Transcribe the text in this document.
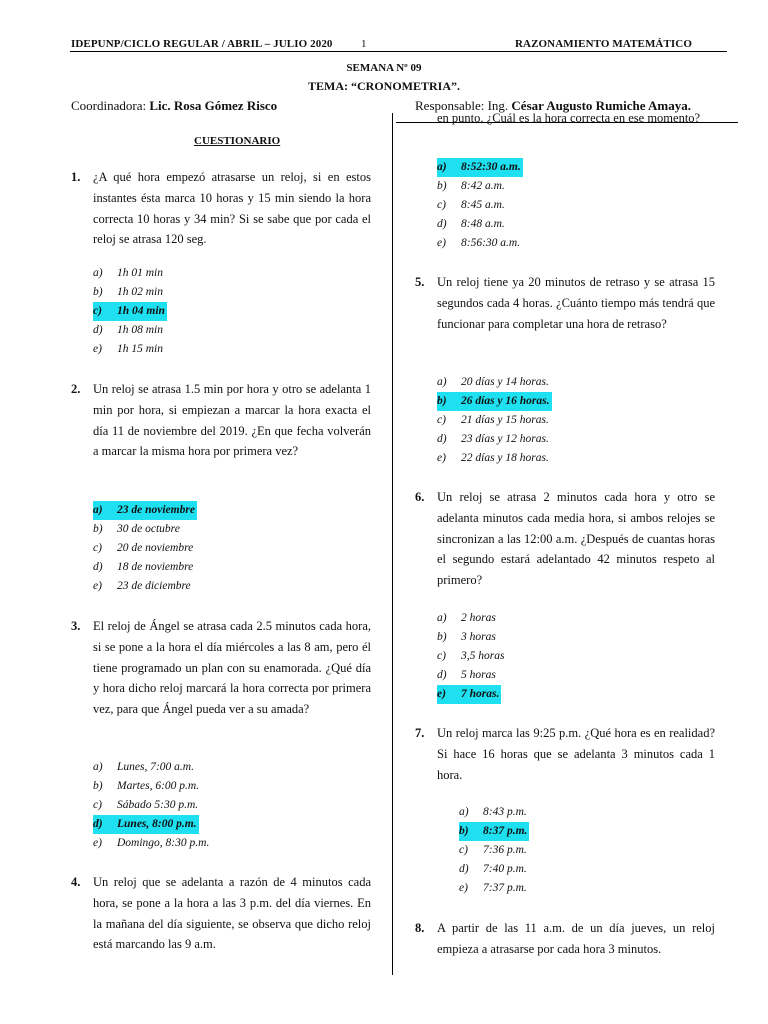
IDEPUNP/CICLO REGULAR / ABRIL – JULIO 2020	1	RAZONAMIENTO MATEMÁTICO
SEMANA Nº 09
TEMA: “CRONOMETRIA”.
Coordinadora: Lic. Rosa Gómez Risco	Responsable: Ing. César Augusto Rumiche Amaya.
CUESTIONARIO
1. ¿A qué hora empezó atrasarse un reloj, si en estos instantes ésta marca 10 horas y 15 min siendo la hora correcta 10 horas y 34 min? Si se sabe que por cada el reloj se atrasa 120 seg.
a) 1h 01 min
b) 1h 02 min
c) 1h 04 min
d) 1h 08 min
e) 1h 15 min
2. Un reloj se atrasa 1.5 min por hora y otro se adelanta 1 min por hora, si empiezan a marcar la hora exacta el día 11 de noviembre del 2019. ¿En que fecha volverán a marcar la misma hora por primera vez?
a) 23 de noviembre
b) 30 de octubre
c) 20 de noviembre
d) 18 de noviembre
e) 23 de diciembre
3. El reloj de Ángel se atrasa cada 2.5 minutos cada hora, si se pone a la hora el día miércoles a las 8 am, pero él tiene programado un plan con su enamorada. ¿Qué día y hora dicho reloj marcará la hora correcta por primera vez, para que Ángel pueda ver a su amada?
a) Lunes, 7:00 a.m.
b) Martes, 6:00 p.m.
c) Sábado 5:30 p.m.
d) Lunes, 8:00 p.m.
e) Domingo, 8:30 p.m.
4. Un reloj que se adelanta a razón de 4 minutos cada hora, se pone a la hora a las 3 p.m. del día viernes. En la mañana del día siguiente, se observa que dicho reloj está marcando las 9 a.m.
en punto. ¿Cuál es la hora correcta en ese momento?
a) 8:52:30 a.m.
b) 8:42 a.m.
c) 8:45 a.m.
d) 8:48 a.m.
e) 8:56:30 a.m.
5. Un reloj tiene ya 20 minutos de retraso y se atrasa 15 segundos cada 4 horas. ¿Cuánto tiempo más tendrá que funcionar para completar una hora de retraso?
a) 20 días y 14 horas.
b) 26 días y 16 horas.
c) 21 días y 15 horas.
d) 23 días y 12 horas.
e) 22 días y 18 horas.
6. Un reloj se atrasa 2 minutos cada hora y otro se adelanta minutos cada media hora, si ambos relojes se sincronizan a las 12:00 a.m. ¿Después de cuantas horas el segundo estará adelantado 42 minutos respeto al primero?
a) 2 horas
b) 3 horas
c) 3,5 horas
d) 5 horas
e) 7 horas.
7. Un reloj marca las 9:25 p.m. ¿Qué hora es en realidad? Si hace 16 horas que se adelanta 3 minutos cada 1 hora.
a) 8:43 p.m.
b) 8:37 p.m.
c) 7:36 p.m.
d) 7:40 p.m.
e) 7:37 p.m.
8. A partir de las 11 a.m. de un día jueves, un reloj empieza a atrasarse por cada hora 3 minutos.
